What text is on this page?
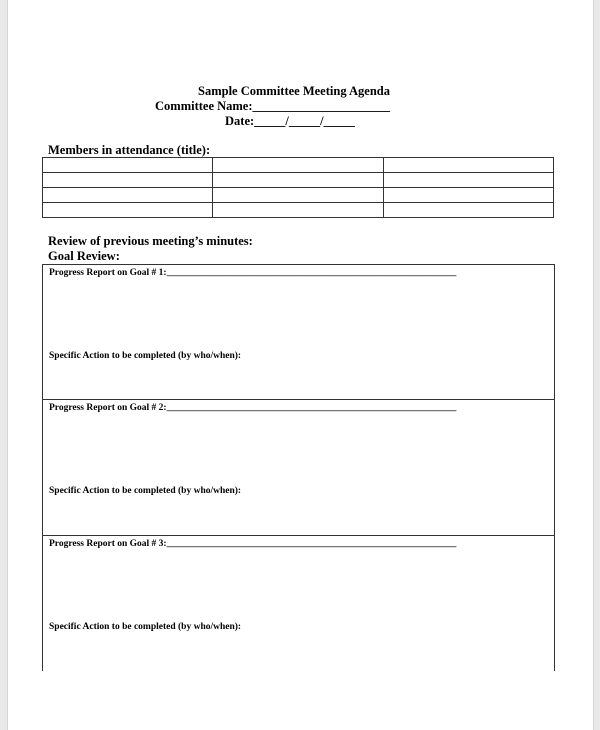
Sample Committee Meeting Agenda
Committee Name:______________________
Date:_____/_____/_____
Members in attendance (title):

Review of previous meeting’s minutes:
Goal Review:
Progress Report on Goal # 1:_____________________________________________________________
Specific Action to be completed (by who/when):
Progress Report on Goal # 2:_____________________________________________________________
Specific Action to be completed (by who/when):
Progress Report on Goal # 3:_____________________________________________________________
Specific Action to be completed (by who/when):
